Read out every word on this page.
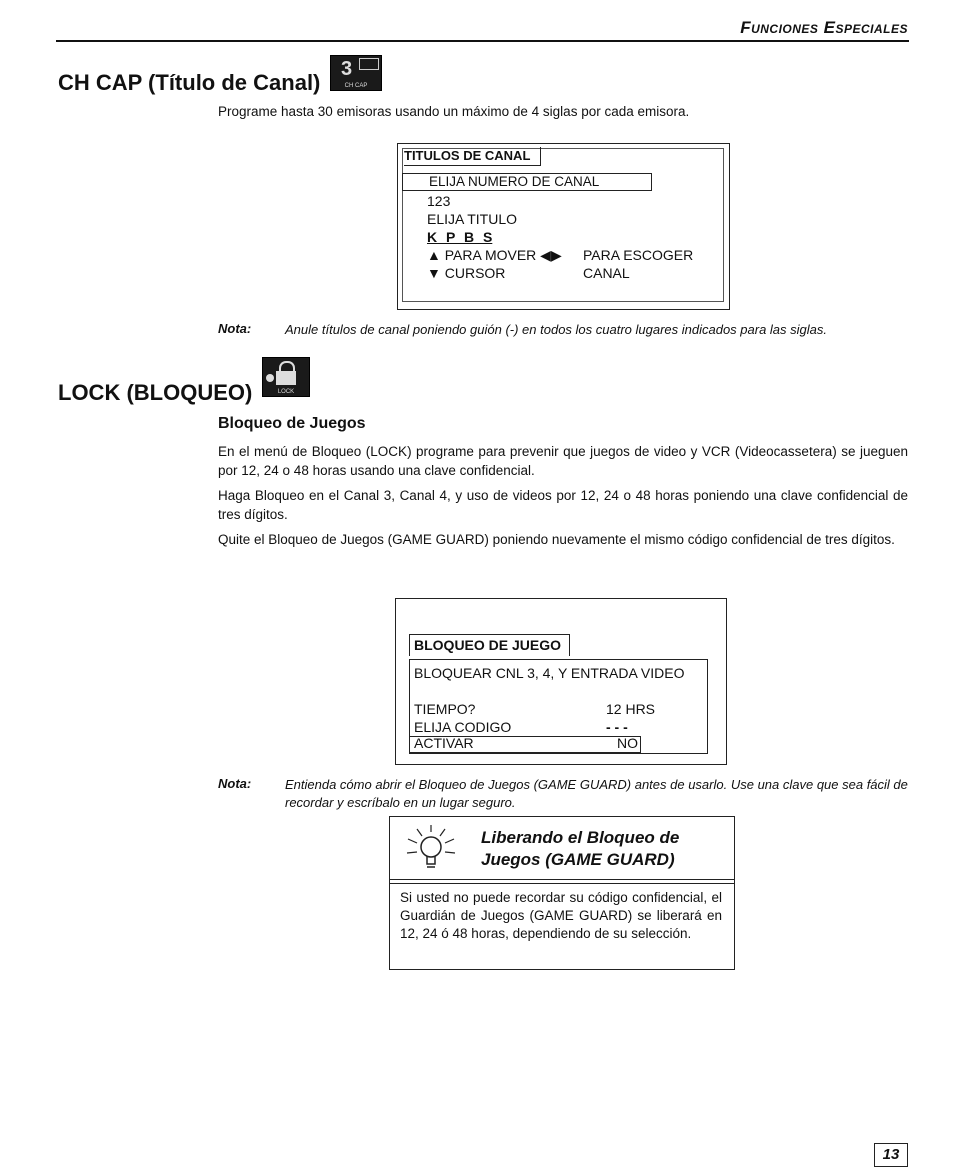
Funciones Especiales
CH CAP (Título de Canal)
3
CH CAP
Programe hasta 30 emisoras usando un máximo de 4 siglas por cada emisora.
TITULOS DE CANAL
ELIJA NUMERO DE CANAL
123
ELIJA TITULO
K P B S
▲ PARA MOVER ◀▶ PARA ESCOGER
▼ CURSOR	CANAL
Nota:	Anule títulos de canal poniendo guión (-) en todos los cuatro lugares indicados para las siglas.
LOCK (BLOQUEO)	LOCK
Bloqueo de Juegos
En el menú de Bloqueo (LOCK) programe para prevenir que juegos de video y VCR (Videocassetera) se jueguen por 12, 24 o 48 horas usando una clave confidencial.
Haga Bloqueo en el Canal 3, Canal 4, y uso de videos por 12, 24 o 48 horas poniendo una clave confidencial de tres dígitos.
Quite el Bloqueo de Juegos (GAME GUARD) poniendo nuevamente el mismo código confidencial de tres dígitos.
BLOQUEO DE JUEGO
BLOQUEAR CNL 3, 4, Y ENTRADA VIDEO
TIEMPO?	12 HRS
ELIJA CODIGO	- - -
ACTIVAR	NO
Nota:	Entienda cómo abrir el Bloqueo de Juegos (GAME GUARD) antes de usarlo. Use una clave que sea fácil de recordar y escríbalo en un lugar seguro.
Liberando el Bloqueo de
Juegos (GAME GUARD)
Si usted no puede recordar su código confidencial, el Guardián de Juegos (GAME GUARD) se liberará en 12, 24 ó 48 horas, dependiendo de su selección.
13
